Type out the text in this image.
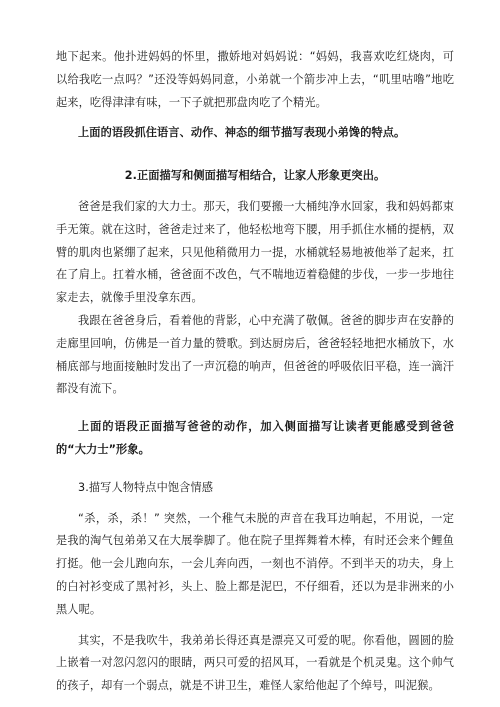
地下起来。他扑进妈妈的怀里，撒娇地对妈妈说：“妈妈，我喜欢吃红烧肉，可以给我吃一点吗？”还没等妈妈同意，小弟就一个箭步冲上去，“叽里咕噜”地吃起来，吃得津津有味，一下子就把那盘肉吃了个精光。

上面的语段抓住语言、动作、神态的细节描写表现小弟馋的特点。

2.正面描写和侧面描写相结合，让家人形象更突出。

爸爸是我们家的大力士。那天，我们要搬一大桶纯净水回家，我和妈妈都束手无策。就在这时，爸爸走过来了，他轻松地弯下腰，用手抓住水桶的提柄，双臂的肌肉也紧绷了起来，只见他稍微用力一提，水桶就轻易地被他举了起来，扛在了肩上。扛着水桶，爸爸面不改色，气不喘地迈着稳健的步伐，一步一步地往家走去，就像手里没拿东西。

我跟在爸爸身后，看着他的背影，心中充满了敬佩。爸爸的脚步声在安静的走廊里回响，仿佛是一首力量的赞歌。到达厨房后，爸爸轻轻地把水桶放下，水桶底部与地面接触时发出了一声沉稳的响声，但爸爸的呼吸依旧平稳，连一滴汗都没有流下。

上面的语段正面描写爸爸的动作，加入侧面描写让读者更能感受到爸爸的“大力士”形象。

3.描写人物特点中饱含情感

“杀，杀，杀！” 突然，一个稚气未脱的声音在我耳边响起，不用说，一定是我的淘气包弟弟又在大展拳脚了。他在院子里挥舞着木棒，有时还会来个鲤鱼打挺。他一会儿跑向东，一会儿奔向西，一刻也不消停。不到半天的功夫，身上的白衬衫变成了黑衬衫，头上、脸上都是泥巴，不仔细看，还以为是非洲来的小黑人呢。

其实，不是我吹牛，我弟弟长得还真是漂亮又可爱的呢。你看他，圆圆的脸上嵌着一对忽闪忽闪的眼睛，两只可爱的招风耳，一看就是个机灵鬼。这个帅气的孩子，却有一个弱点，就是不讲卫生，难怪人家给他起了个绰号，叫泥猴。
